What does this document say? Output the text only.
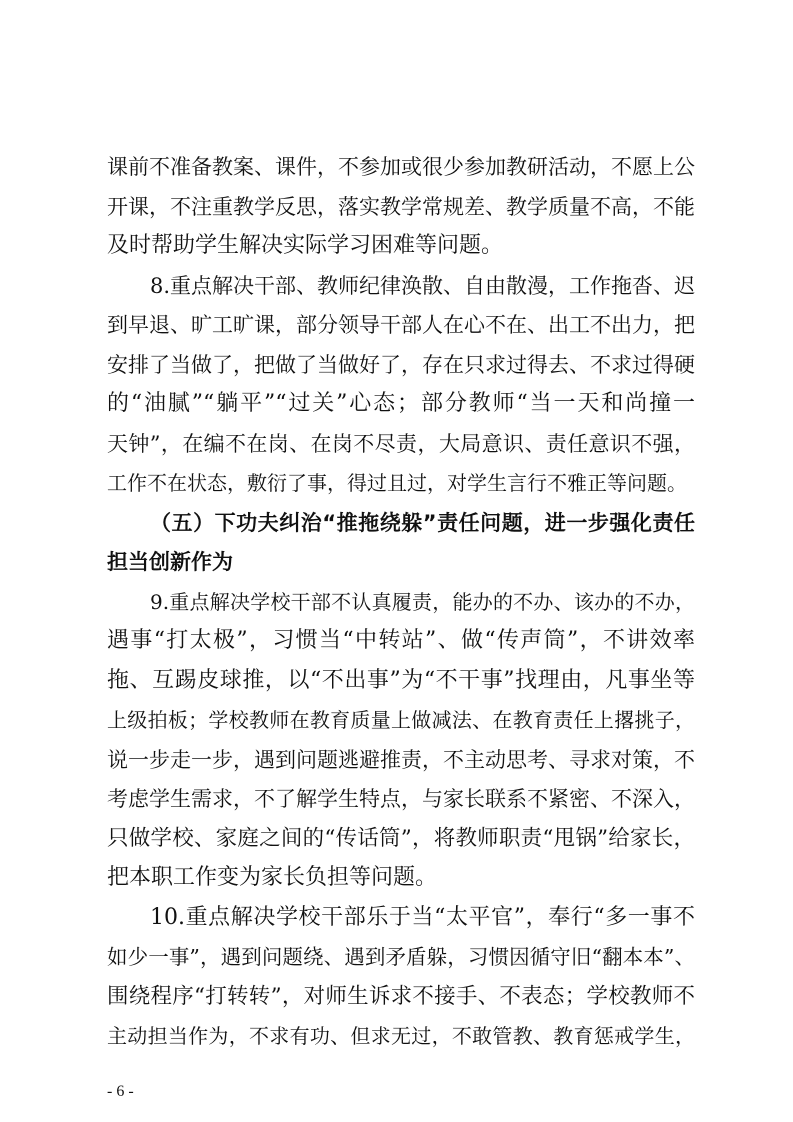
课前不准备教案、课件，不参加或很少参加教研活动，不愿上公
开课，不注重教学反思，落实教学常规差、教学质量不高，不能
及时帮助学生解决实际学习困难等问题。
8.重点解决干部、教师纪律涣散、自由散漫，工作拖沓、迟
到早退、旷工旷课，部分领导干部人在心不在、出工不出力，把
安排了当做了，把做了当做好了，存在只求过得去、不求过得硬
的“油腻”“躺平”“过关”心态；部分教师“当一天和尚撞一
天钟”，在编不在岗、在岗不尽责，大局意识、责任意识不强，
工作不在状态，敷衍了事，得过且过，对学生言行不雅正等问题。
（五）下功夫纠治“推拖绕躲”责任问题，进一步强化责任
担当创新作为
9.重点解决学校干部不认真履责，能办的不办、该办的不办，
遇事“打太极”，习惯当“中转站”、做“传声筒”，不讲效率
拖、互踢皮球推，以“不出事”为“不干事”找理由，凡事坐等
上级拍板；学校教师在教育质量上做减法、在教育责任上撂挑子，
说一步走一步，遇到问题逃避推责，不主动思考、寻求对策，不
考虑学生需求，不了解学生特点，与家长联系不紧密、不深入，
只做学校、家庭之间的“传话筒”，将教师职责“甩锅”给家长，
把本职工作变为家长负担等问题。
10.重点解决学校干部乐于当“太平官”，奉行“多一事不
如少一事”，遇到问题绕、遇到矛盾躲，习惯因循守旧“翻本本”、
围绕程序“打转转”，对师生诉求不接手、不表态；学校教师不
主动担当作为，不求有功、但求无过，不敢管教、教育惩戒学生，
- 6 -
